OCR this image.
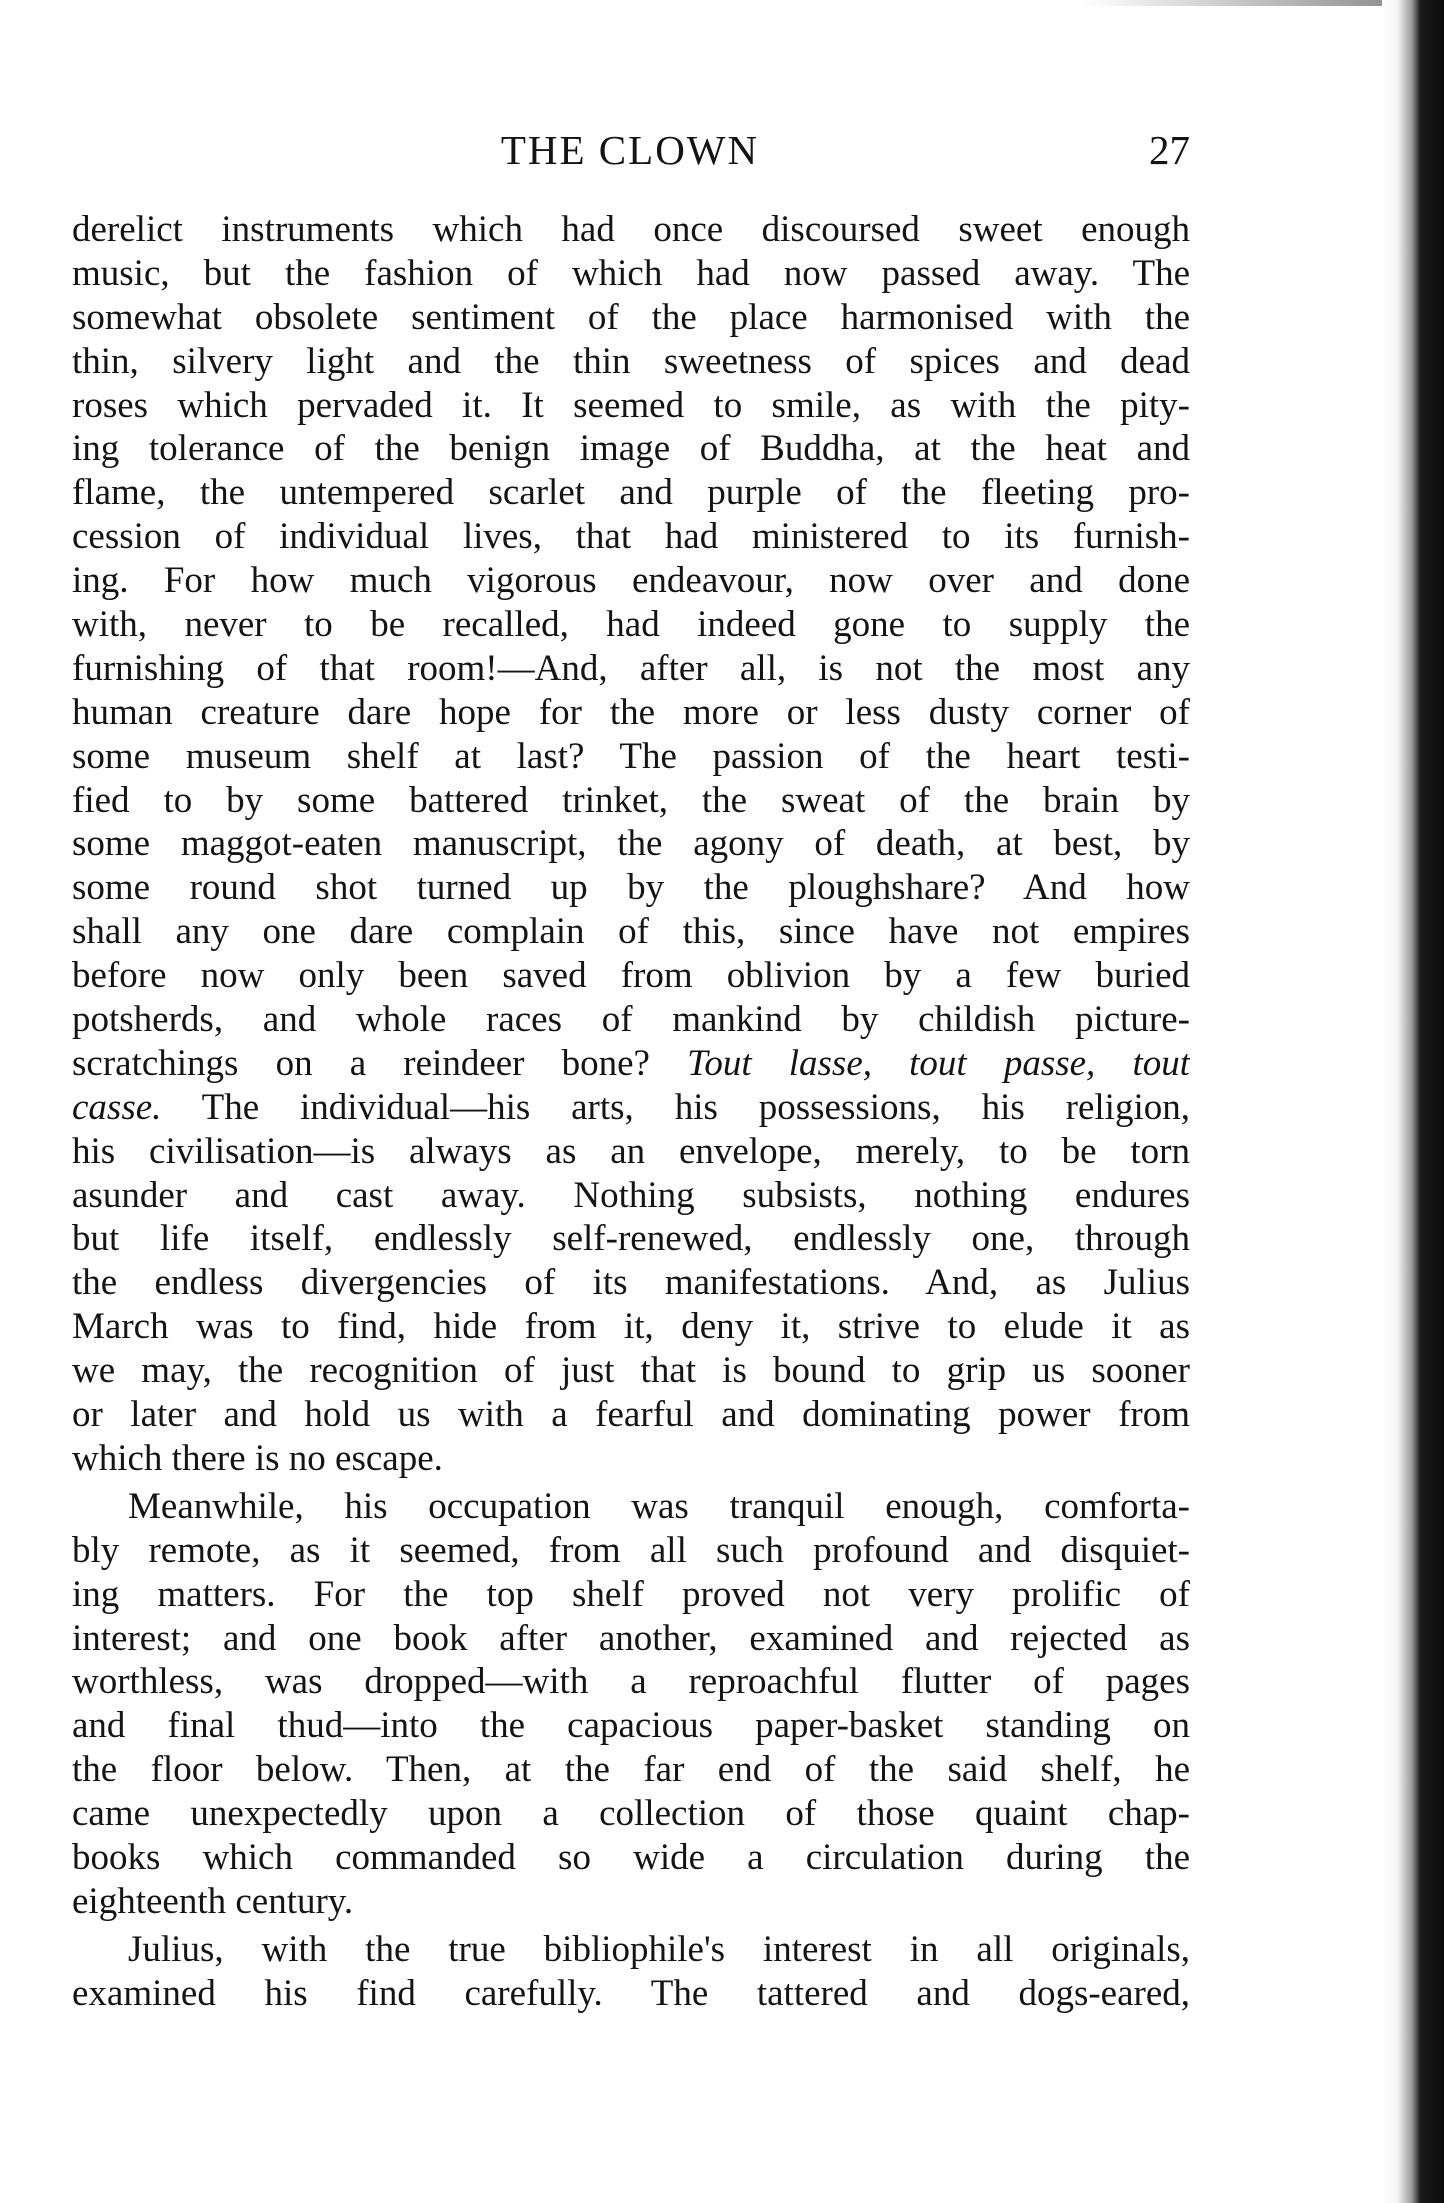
THE CLOWN	27
derelict instruments which had once discoursed sweet enough
music, but the fashion of which had now passed away. The
somewhat obsolete sentiment of the place harmonised with the
thin, silvery light and the thin sweetness of spices and dead
roses which pervaded it. It seemed to smile, as with the pity-
ing tolerance of the benign image of Buddha, at the heat and
flame, the untempered scarlet and purple of the fleeting pro-
cession of individual lives, that had ministered to its furnish-
ing. For how much vigorous endeavour, now over and done
with, never to be recalled, had indeed gone to supply the
furnishing of that room!—And, after all, is not the most any
human creature dare hope for the more or less dusty corner of
some museum shelf at last? The passion of the heart testi-
fied to by some battered trinket, the sweat of the brain by
some maggot-eaten manuscript, the agony of death, at best, by
some round shot turned up by the ploughshare? And how
shall any one dare complain of this, since have not empires
before now only been saved from oblivion by a few buried
potsherds, and whole races of mankind by childish picture-
scratchings on a reindeer bone? Tout lasse, tout passe, tout
casse. The individual—his arts, his possessions, his religion,
his civilisation—is always as an envelope, merely, to be torn
asunder and cast away. Nothing subsists, nothing endures
but life itself, endlessly self-renewed, endlessly one, through
the endless divergencies of its manifestations. And, as Julius
March was to find, hide from it, deny it, strive to elude it as
we may, the recognition of just that is bound to grip us sooner
or later and hold us with a fearful and dominating power from
which there is no escape.
Meanwhile, his occupation was tranquil enough, comforta-
bly remote, as it seemed, from all such profound and disquiet-
ing matters. For the top shelf proved not very prolific of
interest; and one book after another, examined and rejected as
worthless, was dropped—with a reproachful flutter of pages
and final thud—into the capacious paper-basket standing on
the floor below. Then, at the far end of the said shelf, he
came unexpectedly upon a collection of those quaint chap-
books which commanded so wide a circulation during the
eighteenth century.
Julius, with the true bibliophile's interest in all originals,
examined his find carefully. The tattered and dogs-eared,
